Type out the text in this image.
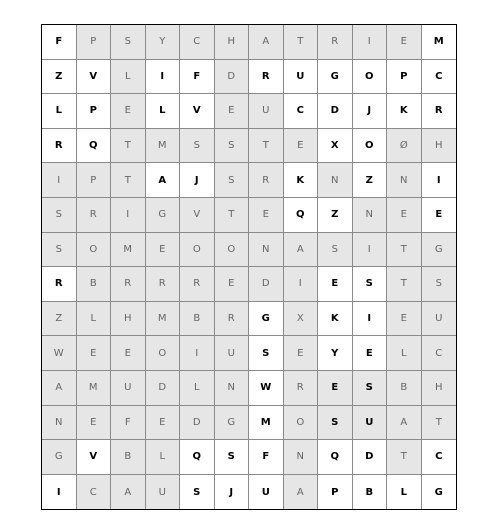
F	P	S	Y	C	H	A	T	R	I	E	M
Z	V	L	I	F	D	R	U	G	O	P	C
L	P	E	L	V	E	U	C	D	J	K	R
R	Q	T	M	S	S	T	E	X	O	Ø	H
I	P	T	A	J	S	R	K	N	Z	N	I
S	R	I	G	V	T	E	Q	Z	N	E	E
S	O	M	E	O	O	N	A	S	I	T	G
R	B	R	R	R	E	D	I	E	S	T	S
Z	L	H	M	B	R	G	X	K	I	E	U
W	E	E	O	I	U	S	E	Y	E	L	C
A	M	U	D	L	N	W	R	E	S	B	H
N	E	F	E	D	G	M	O	S	U	A	T
G	V	B	L	Q	S	F	N	Q	D	T	C
I	C	A	U	S	J	U	A	P	B	L	G
